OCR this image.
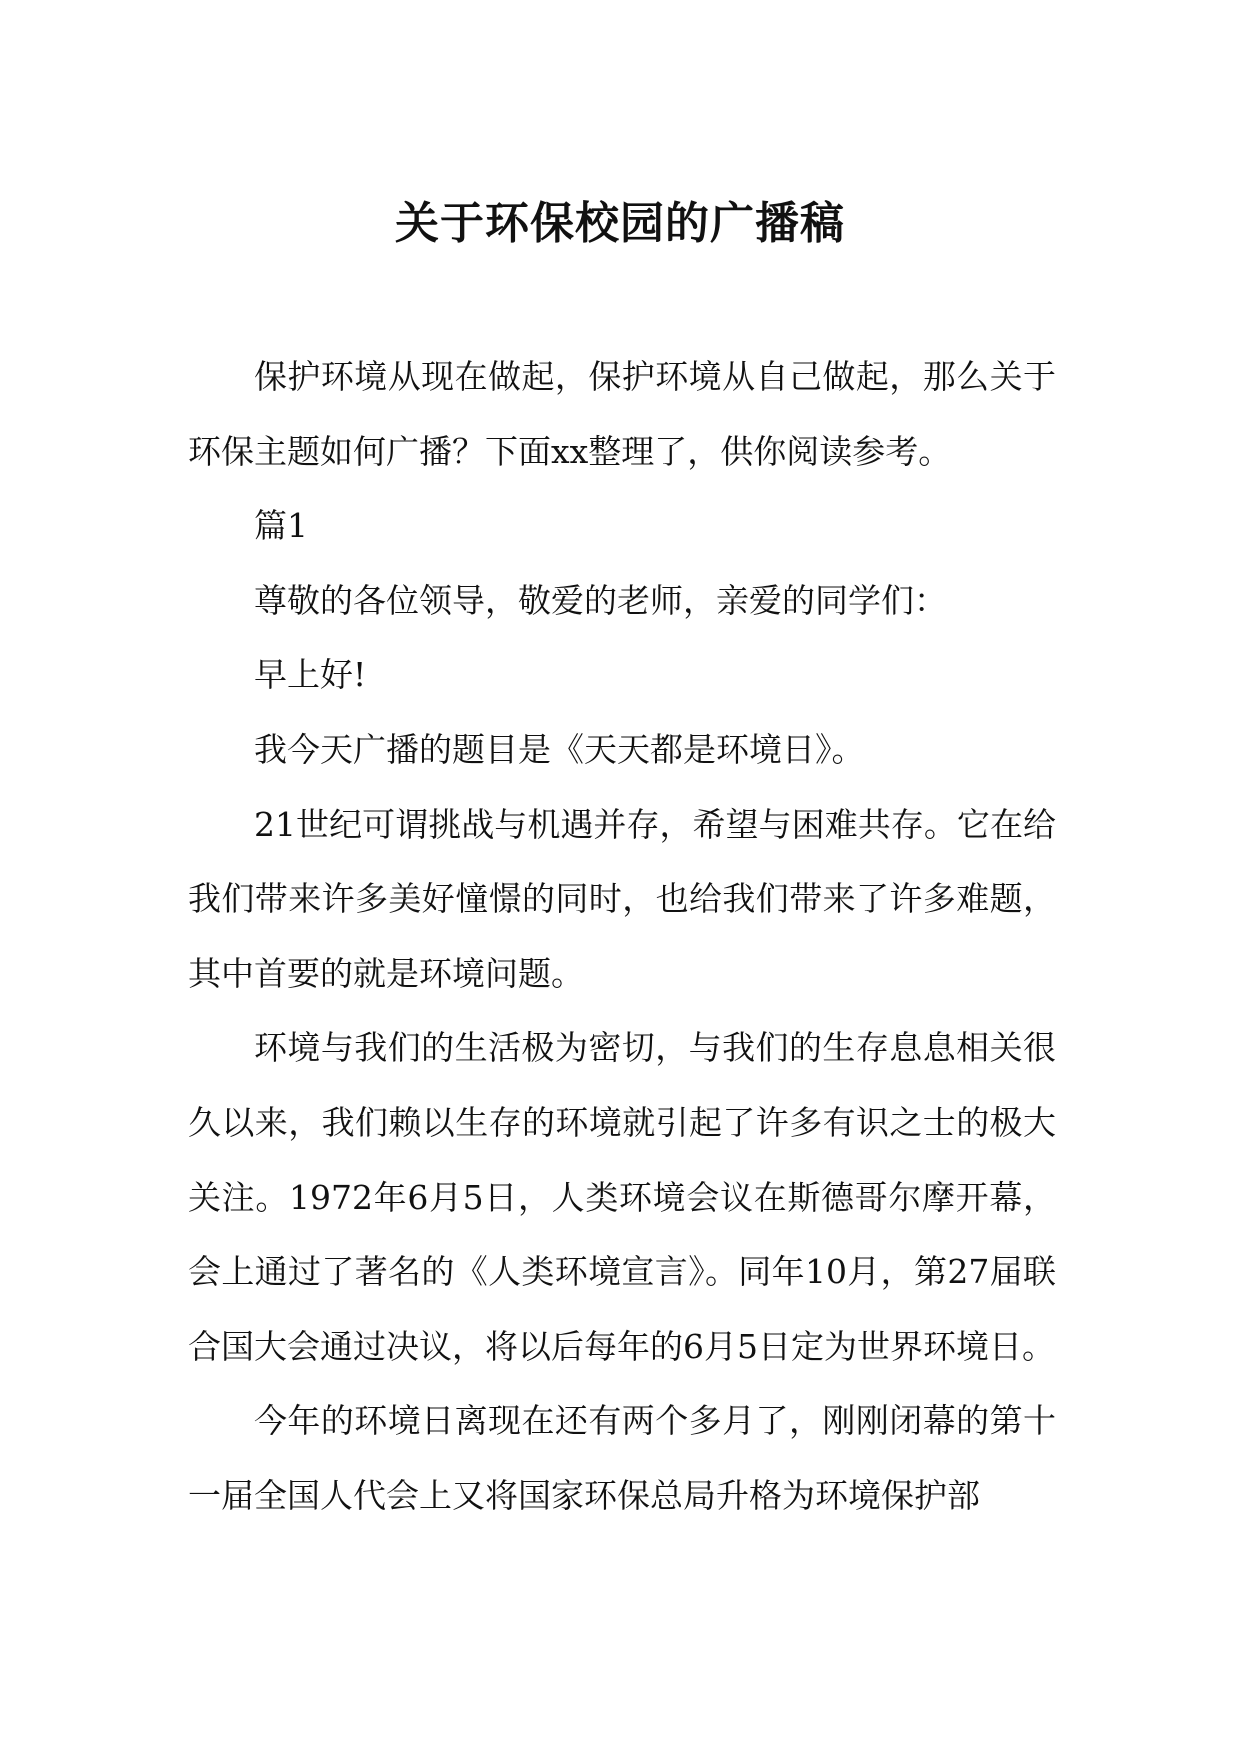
关于环保校园的广播稿

保护环境从现在做起，保护环境从自己做起，那么关于环保主题如何广播？下面xx整理了，供你阅读参考。

篇1

尊敬的各位领导，敬爱的老师，亲爱的同学们：

早上好!

我今天广播的题目是《天天都是环境日》。

21世纪可谓挑战与机遇并存，希望与困难共存。它在给我们带来许多美好憧憬的同时，也给我们带来了许多难题，其中首要的就是环境问题。

环境与我们的生活极为密切，与我们的生存息息相关很久以来，我们赖以生存的环境就引起了许多有识之士的极大关注。1972年6月5日，人类环境会议在斯德哥尔摩开幕，会上通过了著名的《人类环境宣言》。同年10月，第27届联合国大会通过决议，将以后每年的6月5日定为世界环境日。

今年的环境日离现在还有两个多月了，刚刚闭幕的第十一届全国人代会上又将国家环保总局升格为环境保护部
